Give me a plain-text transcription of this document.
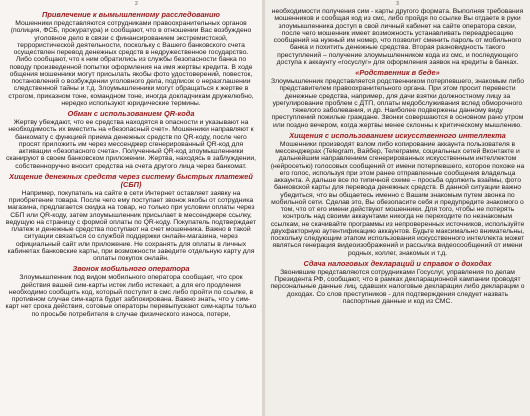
2
Привлечение к вымышленному расследованию

Мошенники представляются сотрудниками правоохранительных органов (полиция, ФСБ, прокуратура) и сообщают, что в отношении Вас возбуждено уголовное дело в связи с финансированием экстремистской, террористической деятельности, поскольку с Вашего банковского счета осуществлен перевод денежных средств в недружественное государство. Либо сообщают, что к ним обратились из службы безопасности банка по поводу произведенной попытки оформления на имя жертвы кредита. В ходе общения мошенники могут присылать якобы фото удостоверений, повесток, постановлений о возбуждении уголовного дела, подписок о неразглашении следственной тайны и т.д. Злоумышленники могут обращаться к жертве в строгом, приказном тоне, командном тоне, иногда докладчикам дружелюбно, нередко используют юридические термины.

Обман с использованием QR-кода

Жертву убеждают, что ее средства находятся в опасности и указывают на необходимость их вместить на «безопасный счет». Мошенники направляют к банкомату с функцией приема денежных средств по QR-коду, после чего просят приложить им через мессенджер сгенерированный QR-код для активации «безопасного счета». Полученный QR-код злоумышленники сканируют в своем банковском приложении. Жертва, находясь в заблуждении, собственноручно вносит средства на счета другого лица через банкомат.

Хищение денежных средств через систему быстрых платежей (СБП)

Например, покупатель на сайте в сети Интернет оставляет заявку на приобретение товара. После чего ему поступает звонок якобы от сотрудника магазина, предлагается скидка на товар, но только при условии оплаты через СБП или QR-коду, затем злоумышленник присылает в мессенджере ссылку, ведущую на страницу с формой оплаты по QR-коду. Покупатель подтверждает платеж и денежные средства поступают на счет мошенника. Важно в такой ситуации связаться со службой поддержки онлайн-магазина, через официальный сайт или приложение. Не сохранять для оплаты в личных кабинетах банковские карты, при возможности заведите отдельную карту для оплаты покупок онлайн.

Звонок мобильного оператора

Злоумышленник под видом мобильного оператора сообщает, что срок действия вашей сим-карты истек либо истекает, а для его продления необходимо сообщить код, который поступит в смс либо пройти по ссылке, в противном случае сим-карта будет заблокирована. Важно знать, что у сим-карт нет срока действия, сотовые операторы перевыпускают сим-карты только по просьбе потребителя в случае физического износа, потери,

3

необходимости получения сим - карты другого формата. Выполняя требования мошенников и сообщая код из смс, либо пройдя по ссылке Вы отдаете в руки злоумышленника доступ в свой личный кабинет на сайте оператора связи, после чего мошенник имеет возможность устанавливать переадресацию сообщений на нужный им номер, что позволит сменить пароль от мобильного банка и похитить денежные средства. Вторая разновидность такого преступлений – получение злоумышленником кода из смс, и последующего доступа к аккаунту «госуслуг» для оформления заявок на кредиты в банках.

«Родственник в беде»

Злоумышленник представляется родственником потерпевшего, знакомым либо представителем правоохранительного органа. При этом просит перевести денежные средства, например, для дачи взятки должностному лицу за урегулирование проблем с ДТП, оплаты медобслуживания вслед обморочного тяжелого заболевания, и др. Наиболее подвержены данному виду преступлений пожилые граждане. Звонки совершаются в основном рано утром или поздно вечером, когда жертвы менее склонны к критическому мышлению.

Хищения с использованием искусственного интеллекта

Мошенники производят взлом либо копирование аккаунта пользователя в мессенджерах (Telegram, Вайбер, Телеграмм, социальных сетей Вконтакте и дальнейшим направлением сгенерированных искусственным интеллектом (нейросетью) голосовых сообщений от имени потерпевшего, которое похоже на его голос, используя при этом ранее отправленные сообщения владельца аккаунта. А дальше все по типичной схеме – просьба одолжить взаймы, фото банковской карты для перевода денежных средств. В данной ситуации важно убедиться, что вы общаетесь именно с Вашим знакомым путем звонка по мобильной сети. Сделав это, Вы обезопасите себя и предупредите знакомого о том, что от его имени действуют мошенники. Для того, чтобы не потерять контроль над своими аккаунтами никогда не переходите по незнакомым ссылкам, не скачивайте программы из непроверенных источников, используйте двухфакторную аутентификацию аккаунтов. Будьте максимально внимательны, поскольку следующим этапом использования искусственного интеллекта может являться генерация видеоизображений и рассылка видеосообщений от имени родных, коллег, знакомых и т.д.

Сдача налоговых деклараций и справок о доходах

Звонившие представляются сотрудниками Госуслуг, управления по делам Президента РФ, сообщают, что в рамках декларационной кампании проводят персональные данные лиц, сдавших налоговые декларации либо декларации о доходах. Со слов преступников - для подтверждения следует назвать паспортные данные и код из СМС.
